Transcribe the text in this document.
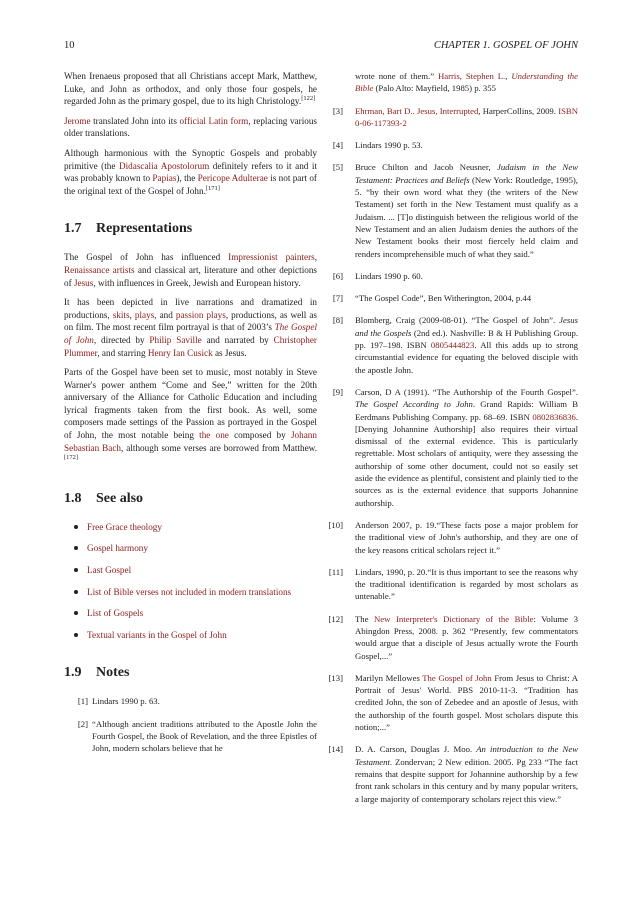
10	CHAPTER 1. GOSPEL OF JOHN

When Irenaeus proposed that all Christians accept Mark, Matthew, Luke, and John as orthodox, and only those four gospels, he regarded John as the primary gospel, due to its high Christology.[122]

Jerome translated John into its official Latin form, replacing various older translations.

Although harmonious with the Synoptic Gospels and probably primitive (the Didascalia Apostolorum definitely refers to it and it was probably known to Papias), the Pericope Adulterae is not part of the original text of the Gospel of John.[171]

1.7 Representations

The Gospel of John has influenced Impressionist painters, Renaissance artists and classical art, literature and other depictions of Jesus, with influences in Greek, Jewish and European history.

It has been depicted in live narrations and dramatized in productions, skits, plays, and passion plays, productions, as well as on film. The most recent film portrayal is that of 2003’s The Gospel of John, directed by Philip Saville and narrated by Christopher Plummer, and starring Henry Ian Cusick as Jesus.

Parts of the Gospel have been set to music, most notably in Steve Warner's power anthem “Come and See,” written for the 20th anniversary of the Alliance for Catholic Education and including lyrical fragments taken from the first book. As well, some composers made settings of the Passion as portrayed in the Gospel of John, the most notable being the one composed by Johann Sebastian Bach, although some verses are borrowed from Matthew.[172]

1.8 See also
Free Grace theology
Gospel harmony
Last Gospel
List of Bible verses not included in modern translations
List of Gospels
Textual variants in the Gospel of John
1.9 Notes
[1] Lindars 1990 p. 63.
[2] “Although ancient traditions attributed to the Apostle John the Fourth Gospel, the Book of Revelation, and the three Epistles of John, modern scholars believe that he
wrote none of them.” Harris, Stephen L., Understanding the Bible (Palo Alto: Mayfield, 1985) p. 355
[3] Ehrman, Bart D.. Jesus, Interrupted, HarperCollins, 2009. ISBN 0-06-117393-2
[4] Lindars 1990 p. 53.
[5] Bruce Chilton and Jacob Neusner, Judaism in the New Testament: Practices and Beliefs (New York: Routledge, 1995), 5. “by their own word what they (the writers of the New Testament) set forth in the New Testament must qualify as a Judaism. ... [T]o distinguish between the religious world of the New Testament and an alien Judaism denies the authors of the New Testament books their most fiercely held claim and renders incomprehensible much of what they said.”
[6] Lindars 1990 p. 60.
[7] “The Gospel Code”, Ben Witherington, 2004, p.44
[8] Blomberg, Craig (2009-08-01). “The Gospel of John”. Jesus and the Gospels (2nd ed.). Nashville: B & H Publishing Group. pp. 197–198. ISBN 0805444823. All this adds up to strong circumstantial evidence for equating the beloved disciple with the apostle John.
[9] Carson, D A (1991). “The Authorship of the Fourth Gospel”. The Gospel According to John. Grand Rapids: William B Eerdmans Publishing Company. pp. 68–69. ISBN 0802836836. [Denying Johannine Authorship] also requires their virtual dismissal of the external evidence. This is particularly regrettable. Most scholars of antiquity, were they assessing the authorship of some other document, could not so easily set aside the evidence as plentiful, consistent and plainly tied to the sources as is the external evidence that supports Johannine authorship.
[10] Anderson 2007, p. 19.“These facts pose a major problem for the traditional view of John's authorship, and they are one of the key reasons critical scholars reject it.”
[11] Lindars, 1990, p. 20.“It is thus important to see the reasons why the traditional identification is regarded by most scholars as untenable.”
[12] The New Interpreter's Dictionary of the Bible: Volume 3 Abingdon Press, 2008. p. 362 “Presently, few commentators would argue that a disciple of Jesus actually wrote the Fourth Gospel,...”
[13] Marilyn Mellowes The Gospel of John From Jesus to Christ: A Portrait of Jesus' World. PBS 2010-11-3. “Tradition has credited John, the son of Zebedee and an apostle of Jesus, with the authorship of the fourth gospel. Most scholars dispute this notion;...”
[14] D. A. Carson, Douglas J. Moo. An introduction to the New Testament. Zondervan; 2 New edition. 2005. Pg 233 “The fact remains that despite support for Johannine authorship by a few front rank scholars in this century and by many popular writers, a large majority of contemporary scholars reject this view.”
